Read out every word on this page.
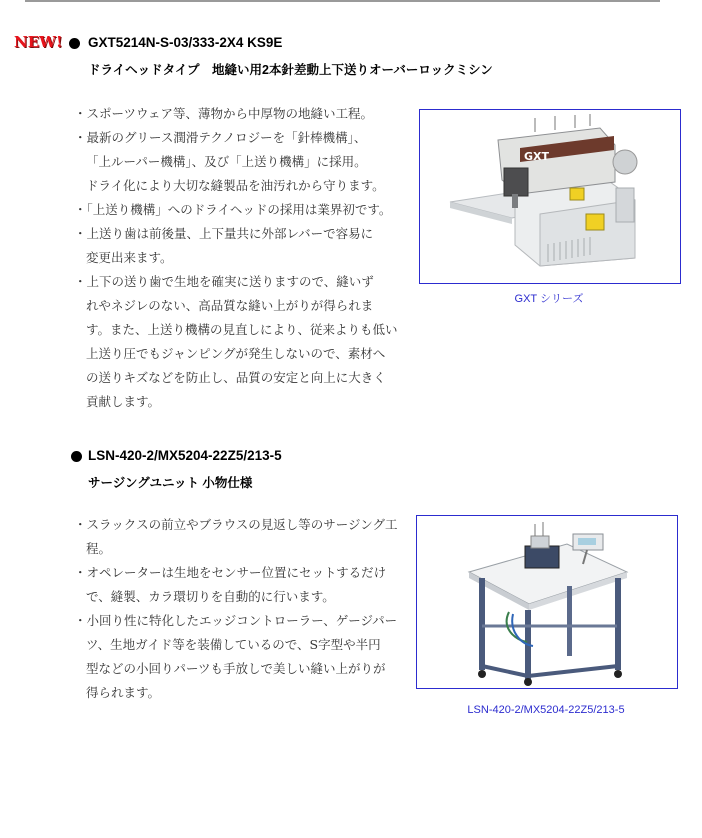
NEW! GXT5214N-S-03/333-2X4 KS9E
ドライヘッドタイプ　地縫い用2本針差動上下送りオーバーロックミシン
・スポーツウェア等、薄物から中厚物の地縫い工程。
・最新のグリース潤滑テクノロジーを「針棒機構」、
「上ルーパー機構」、及び「上送り機構」に採用。
ドライ化により大切な縫製品を油汚れから守ります。
・「上送り機構」へのドライヘッドの採用は業界初です。
・上送り歯は前後量、上下量共に外部レバーで容易に
変更出来ます。
・上下の送り歯で生地を確実に送りますので、縫いず
れやネジレのない、高品質な縫い上がりが得られま
す。また、上送り機構の見直しにより、従来よりも低い
上送り圧でもジャンピングが発生しないので、素材へ
の送りキズなどを防止し、品質の安定と向上に大きく
貢献します。
GXT
GXT シリーズ
LSN-420-2/MX5204-22Z5/213-5
サージングユニット 小物仕様
・スラックスの前立やブラウスの見返し等のサージング工
程。
・オペレーターは生地をセンサー位置にセットするだけ
で、縫製、カラ環切りを自動的に行います。
・小回り性に特化したエッジコントローラー、ゲージパー
ツ、生地ガイド等を装備しているので、S字型や半円
型などの小回りパーツも手放しで美しい縫い上がりが
得られます。
LSN-420-2/MX5204-22Z5/213-5
